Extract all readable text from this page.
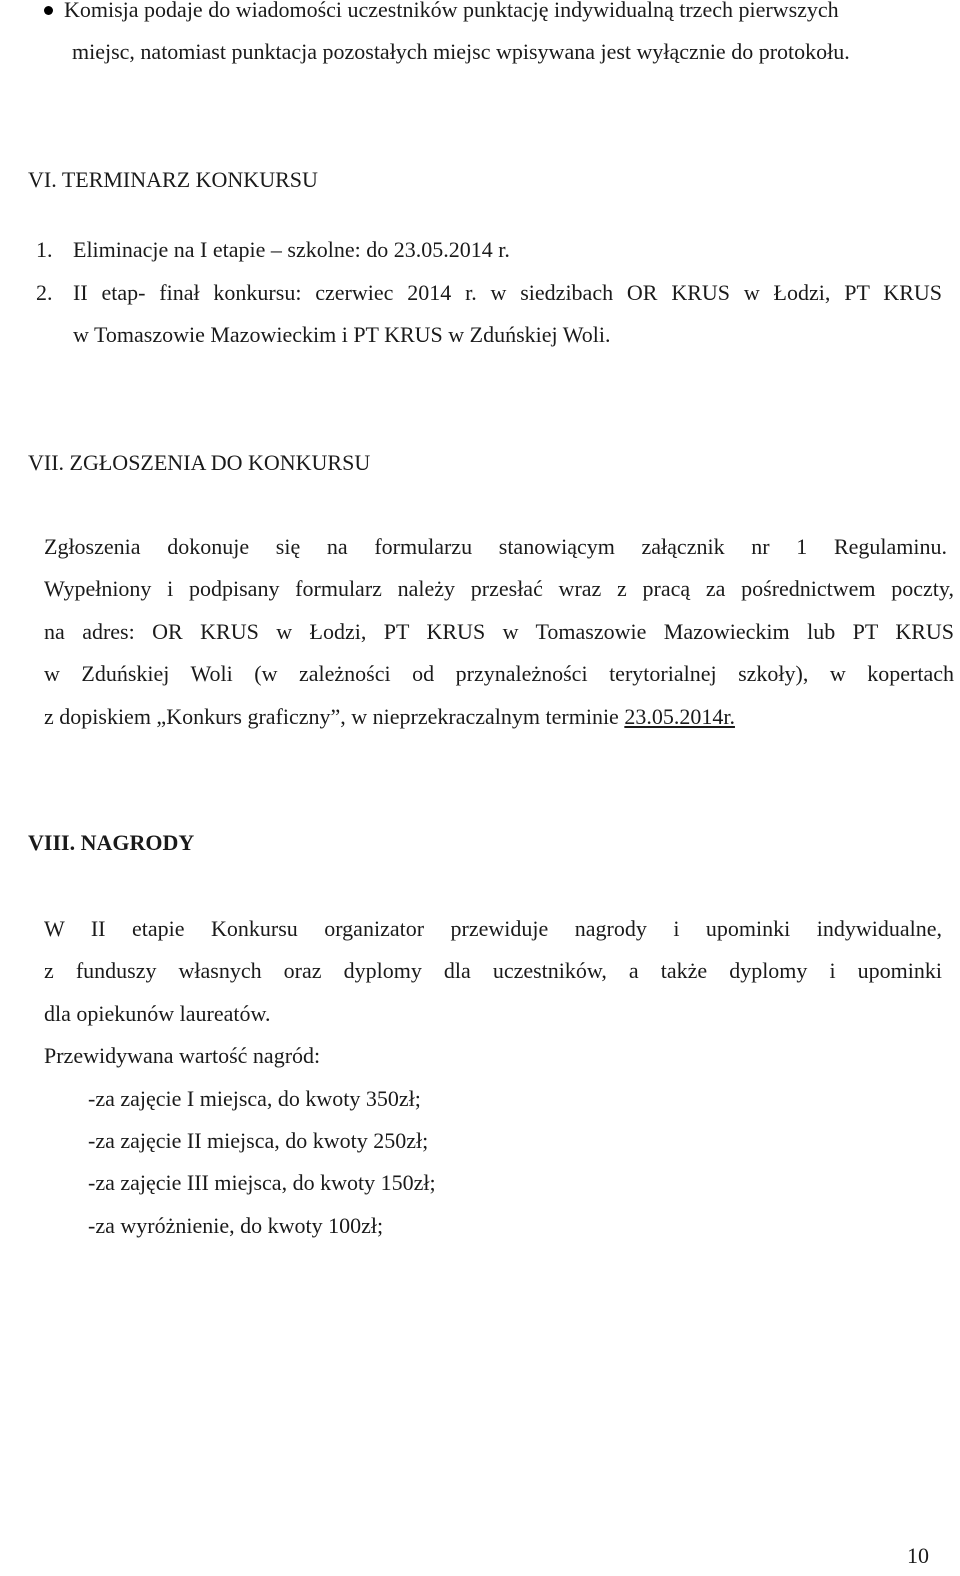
Komisja podaje do wiadomości uczestników punktację indywidualną trzech pierwszych
miejsc, natomiast punktacja pozostałych miejsc wpisywana jest wyłącznie do protokołu.
VI. TERMINARZ KONKURSU
1. Eliminacje na I etapie – szkolne: do 23.05.2014 r.
2. II etap- finał konkursu: czerwiec 2014 r. w siedzibach OR KRUS w Łodzi, PT KRUS
w Tomaszowie Mazowieckim i PT KRUS w Zduńskiej Woli.
VII. ZGŁOSZENIA DO KONKURSU
Zgłoszenia dokonuje się na formularzu stanowiącym załącznik nr 1 Regulaminu.
Wypełniony i podpisany formularz należy przesłać wraz z pracą za pośrednictwem poczty,
na adres: OR KRUS w Łodzi, PT KRUS w Tomaszowie Mazowieckim lub PT KRUS
w Zduńskiej Woli (w zależności od przynależności terytorialnej szkoły), w kopertach
z dopiskiem „Konkurs graficzny”, w nieprzekraczalnym terminie 23.05.2014r.
VIII. NAGRODY
W II etapie Konkursu organizator przewiduje nagrody i upominki indywidualne,
z funduszy własnych oraz dyplomy dla uczestników, a także dyplomy i upominki
dla opiekunów laureatów.
Przewidywana wartość nagród:
-za zajęcie I miejsca, do kwoty 350zł;
-za zajęcie II miejsca, do kwoty 250zł;
-za zajęcie III miejsca, do kwoty 150zł;
-za wyróżnienie, do kwoty 100zł;
10
